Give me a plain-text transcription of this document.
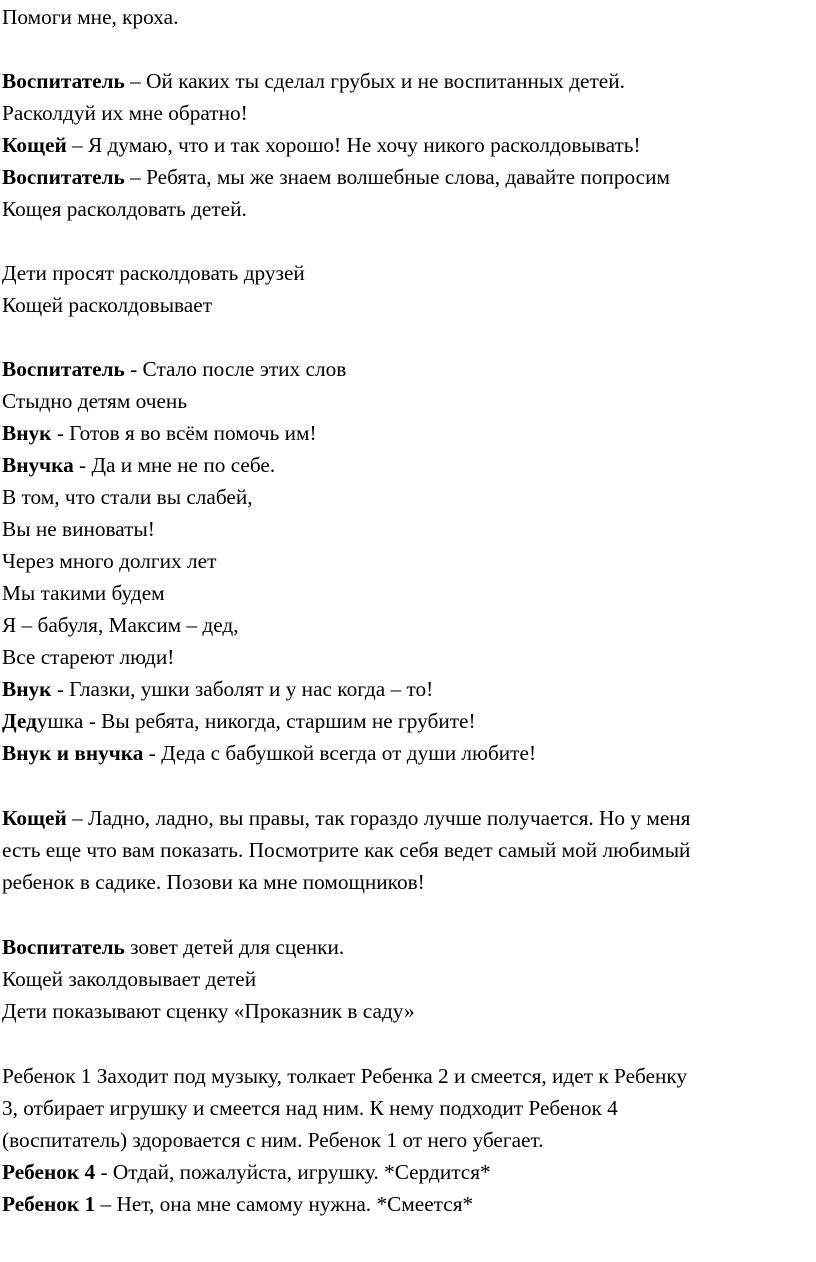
Помоги мне, кроха.

Воспитатель – Ой каких ты сделал грубых и не воспитанных детей.

Расколдуй их мне обратно!

Кощей – Я думаю, что и так хорошо! Не хочу никого расколдовывать!

Воспитатель – Ребята, мы же знаем волшебные слова, давайте попросим

Кощея расколдовать детей.

Дети просят расколдовать друзей

Кощей расколдовывает

Воспитатель - Стало после этих слов

Стыдно детям очень

Внук - Готов я во всём помочь им!

Внучка - Да и мне не по себе.

В том, что стали вы слабей,

Вы не виноваты!

Через много долгих лет

Мы такими будем

Я – бабуля, Максим – дед,

Все стареют люди!

Внук - Глазки, ушки заболят и у нас когда – то!

Дедушка - Вы ребята, никогда, старшим не грубите!

Внук и внучка - Деда с бабушкой всегда от души любите!

Кощей – Ладно, ладно, вы правы, так гораздо лучше получается. Но у меня

есть еще что вам показать. Посмотрите как себя ведет самый мой любимый

ребенок в садике. Позови ка мне помощников!

Воспитатель зовет детей для сценки.

Кощей заколдовывает детей

Дети показывают сценку «Проказник в саду»

Ребенок 1 Заходит под музыку, толкает Ребенка 2 и смеется, идет к Ребенку

3, отбирает игрушку и смеется над ним. К нему подходит Ребенок 4

(воспитатель) здоровается с ним. Ребенок 1 от него убегает.

Ребенок 4 - Отдай, пожалуйста, игрушку. *Сердится*

Ребенок 1 – Нет, она мне самому нужна. *Смеется*
